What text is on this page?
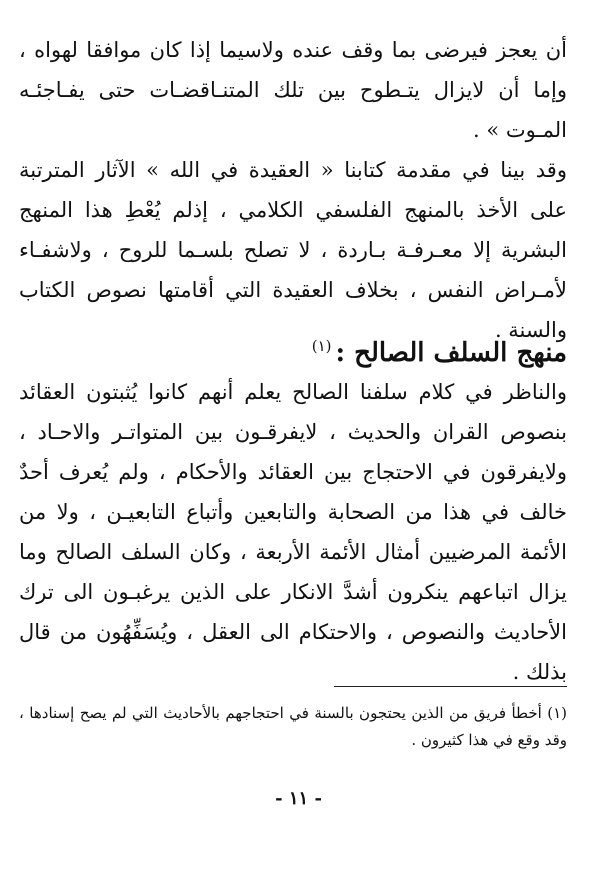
أن يعجز فيرضى بما وقف عنده ولاسيما إذا كان موافقا لهواه ، وإما أن لايزال يتـطوح بين تلك المتنـاقضـات حتى يفـاجئـه المـوت » .

وقد بينا في مقدمة كتابنا « العقيدة في الله » الآثار المترتبة على الأخذ بالمنهج الفلسفي الكلامي ، إذلم يُعْطِ هذا المنهج البشرية إلا معـرفـة بـاردة ، لا تصلح بلسـما للروح ، ولاشفـاء لأمـراض النفس ، بخلاف العقيدة التي أقامتها نصوص الكتاب والسنة .

منهج السلف الصالح :$^{(١)}$

والناظر في كلام سلفنا الصالح يعلم أنهم كانوا يُثبتون العقائد بنصوص القران والحديث ، لايفرقـون بين المتواتـر والاحـاد ، ولايفرقون في الاحتجاج بين العقائد والأحكام ، ولم يُعرف أحدٌ خالف في هذا من الصحابة والتابعين وأتباع التابعيـن ، ولا من الأئمة المرضيين أمثال الأئمة الأربعة ، وكان السلف الصالح وما يزال اتباعهم ينكرون أشدَّ الانكار على الذين يرغبـون الى ترك الأحاديث والنصوص ، والاحتكام الى العقل ، ويُسَفِّهُون من قال بذلك .

(١) أخطأ فريق من الذين يحتجون بالسنة في احتجاجهم بالأحاديث التي لم يصح إسنادها ، وقد وقع في هذا كثيرون .

- ١١ -
